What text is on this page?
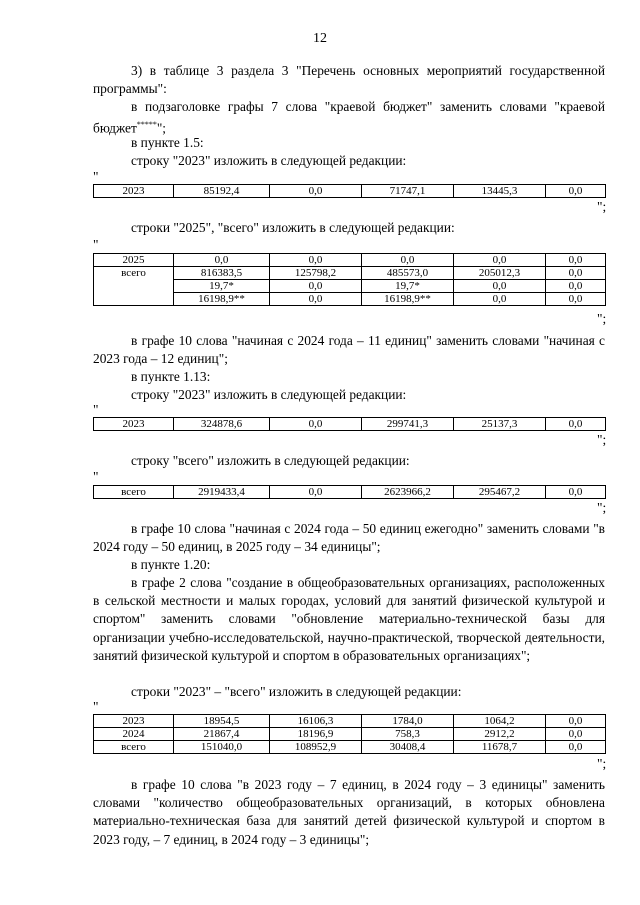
12

3) в таблице 3 раздела 3 "Перечень основных мероприятий государственной программы":

в подзаголовке графы 7 слова "краевой бюджет" заменить словами "краевой бюджет*****";

в пункте 1.5:

строку "2023" изложить в следующей редакции:

"
2023	85192,4	0,0	71747,1	13445,3	0,0
";

строки "2025", "всего" изложить в следующей редакции:

"
2025	0,0	0,0	0,0	0,0	0,0
всего	816383,5	125798,2	485573,0	205012,3	0,0
	19,7*	0,0	19,7*	0,0	0,0
	16198,9**	0,0	16198,9**	0,0	0,0
";

в графе 10 слова "начиная с 2024 года – 11 единиц" заменить словами "начиная с 2023 года – 12 единиц";

в пункте 1.13:

строку "2023" изложить в следующей редакции:

"
2023	324878,6	0,0	299741,3	25137,3	0,0
";

строку "всего" изложить в следующей редакции:

"
всего	2919433,4	0,0	2623966,2	295467,2	0,0
";

в графе 10 слова "начиная с 2024 года – 50 единиц ежегодно" заменить словами "в 2024 году – 50 единиц, в 2025 году – 34 единицы";

в пункте 1.20:

в графе 2 слова "создание в общеобразовательных организациях, расположенных в сельской местности и малых городах, условий для занятий физической культурой и спортом" заменить словами "обновление материально-технической базы для организации учебно-исследовательской, научно-практической, творческой деятельности, занятий физической культурой и спортом в образовательных организациях";

строки "2023" – "всего" изложить в следующей редакции:

"
2023	18954,5	16106,3	1784,0	1064,2	0,0
2024	21867,4	18196,9	758,3	2912,2	0,0
всего	151040,0	108952,9	30408,4	11678,7	0,0
";

в графе 10 слова "в 2023 году – 7 единиц, в 2024 году – 3 единицы" заменить словами "количество общеобразовательных организаций, в которых обновлена материально-техническая база для занятий детей физической культурой и спортом в 2023 году, – 7 единиц, в 2024 году – 3 единицы";
